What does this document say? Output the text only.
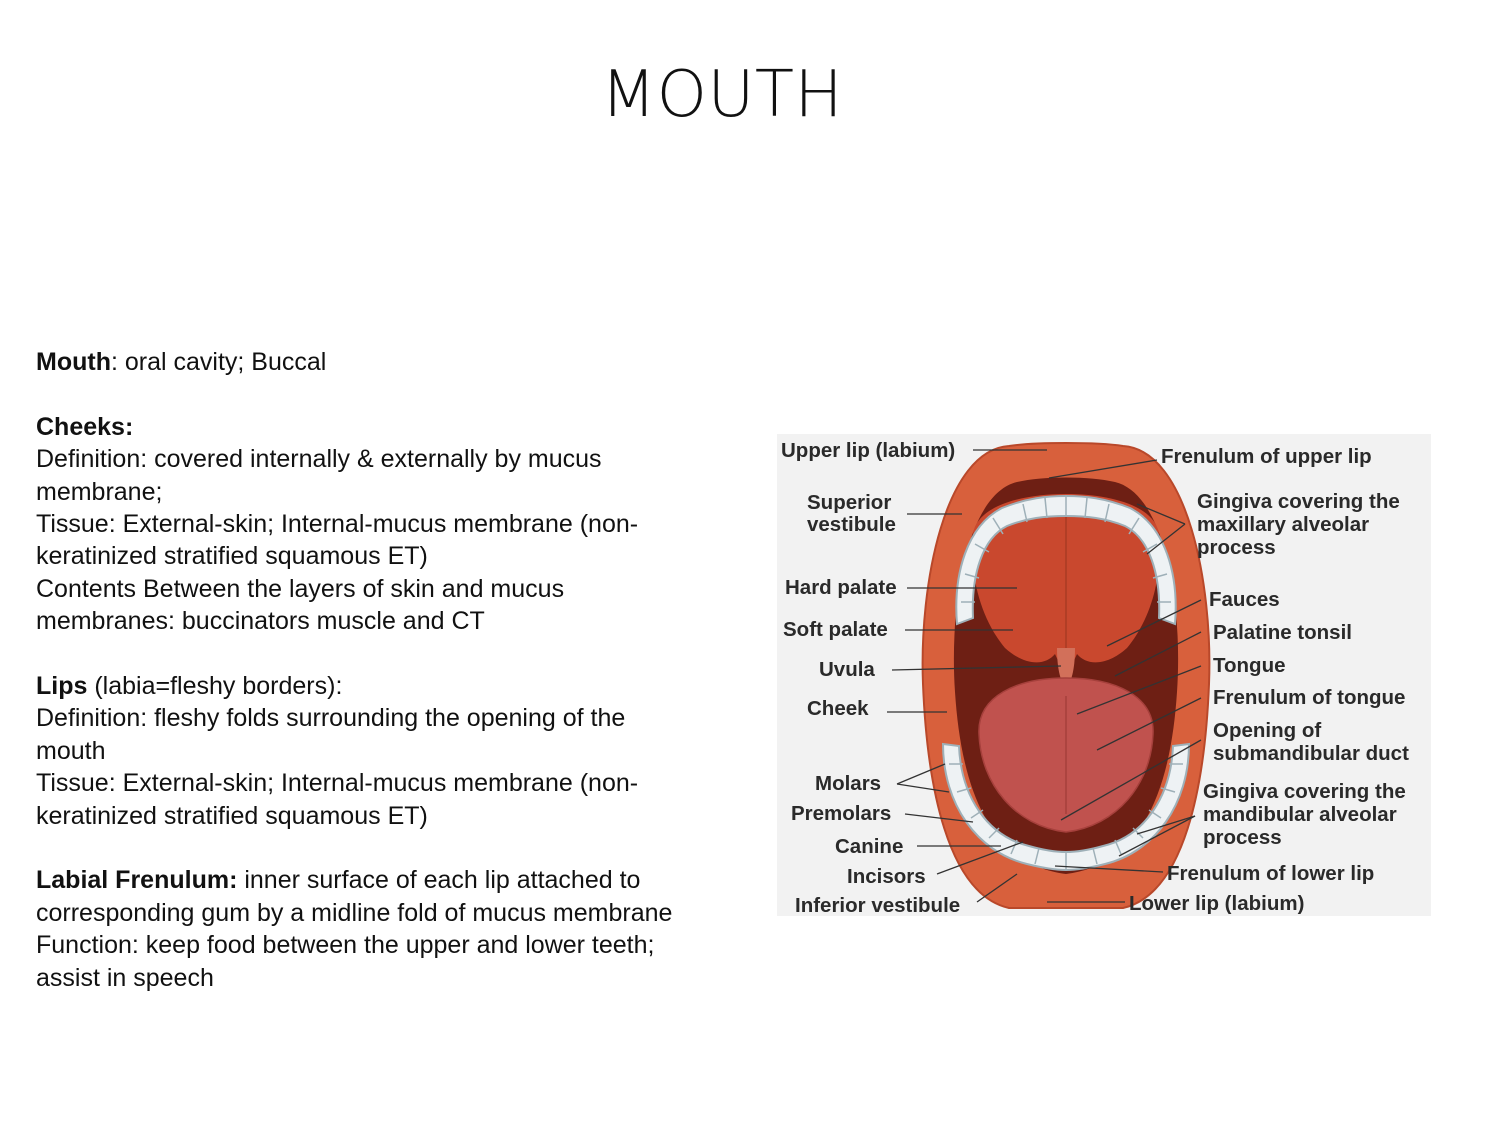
MOUTH

Mouth: oral cavity; Buccal

Cheeks:

Definition: covered internally & externally by mucus

membrane;

Tissue: External-skin; Internal-mucus membrane (non-

keratinized stratified squamous ET)

Contents Between the layers of skin and mucus

membranes: buccinators muscle and CT

Lips (labia=fleshy borders):

Definition: fleshy folds surrounding the opening of the

mouth

Tissue: External-skin; Internal-mucus membrane (non-

keratinized stratified squamous ET)

Labial Frenulum: inner surface of each lip attached to

corresponding gum by a midline fold of mucus membrane

Function: keep food between the upper and lower teeth;

assist in speech

Upper lip (labium)
Superior
vestibule
Hard palate
Soft palate
Uvula
Cheek
Molars
Premolars
Canine
Incisors
Inferior vestibule
Frenulum of upper lip
Gingiva covering the
maxillary alveolar
process
Fauces
Palatine tonsil
Tongue
Frenulum of tongue
Opening of
submandibular duct
Gingiva covering the
mandibular alveolar
process
Frenulum of lower lip
Lower lip (labium)
